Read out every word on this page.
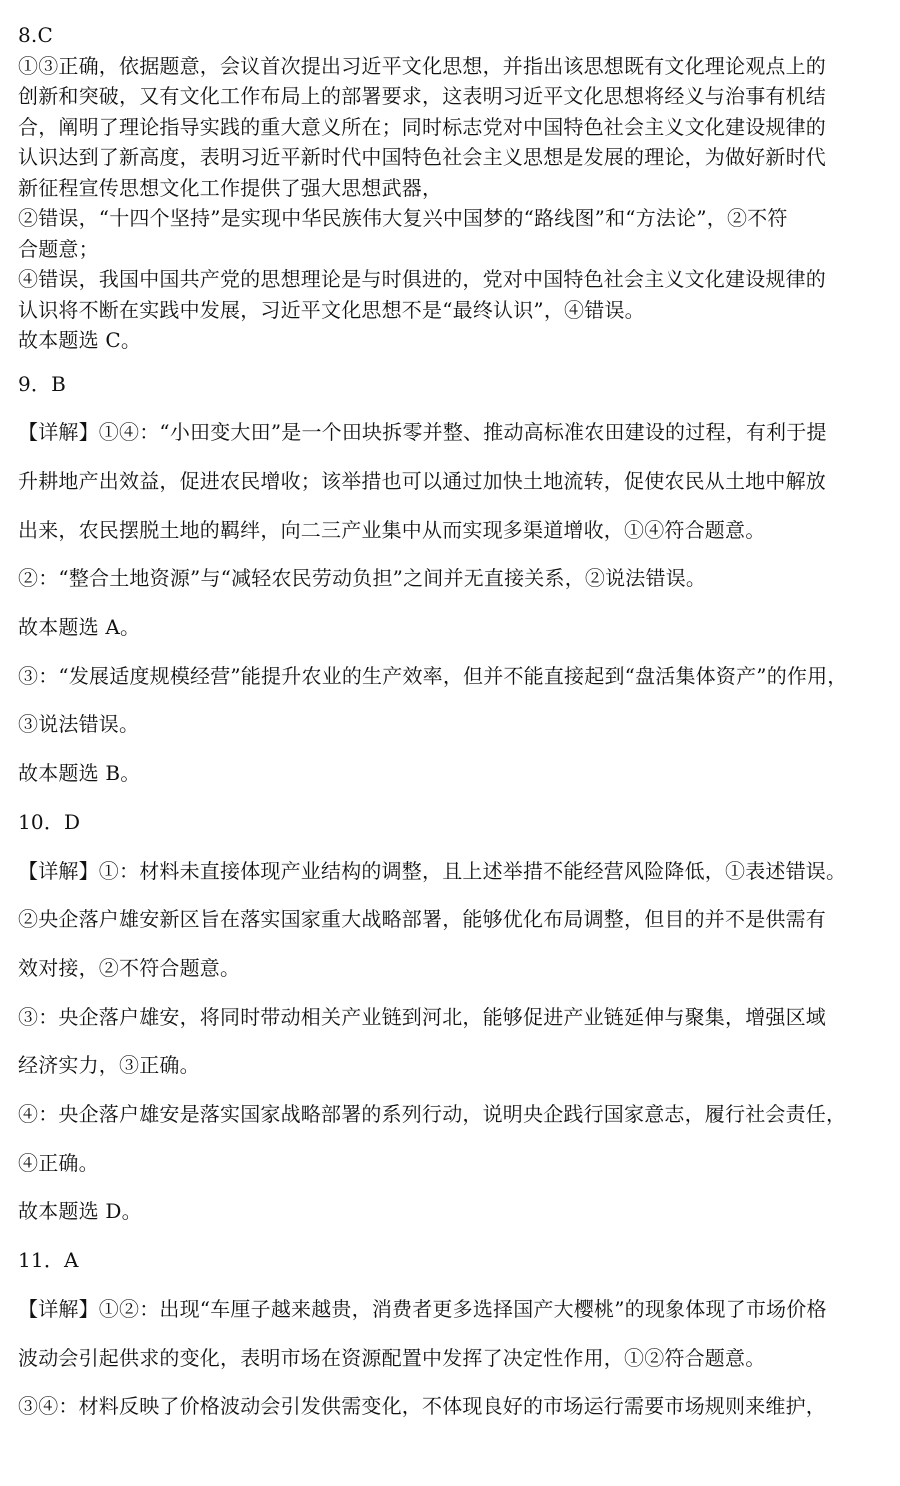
8.C

①③正确，依据题意，会议首次提出习近平文化思想，并指出该思想既有文化理论观点上的

创新和突破，又有文化工作布局上的部署要求，这表明习近平文化思想将经义与治事有机结

合，阐明了理论指导实践的重大意义所在；同时标志党对中国特色社会主义文化建设规律的

认识达到了新高度，表明习近平新时代中国特色社会主义思想是发展的理论，为做好新时代

新征程宣传思想文化工作提供了强大思想武器，

②错误，“十四个坚持”是实现中华民族伟大复兴中国梦的“路线图”和“方法论”，②不符

合题意；

④错误，我国中国共产党的思想理论是与时俱进的，党对中国特色社会主义文化建设规律的

认识将不断在实践中发展，习近平文化思想不是“最终认识”，④错误。

故本题选 C。

9．B

【详解】①④：“小田变大田”是一个田块拆零并整、推动高标准农田建设的过程，有利于提

升耕地产出效益，促进农民增收；该举措也可以通过加快土地流转，促使农民从土地中解放

出来，农民摆脱土地的羁绊，向二三产业集中从而实现多渠道增收，①④符合题意。

②：“整合土地资源”与“减轻农民劳动负担”之间并无直接关系，②说法错误。

故本题选 A。

③：“发展适度规模经营”能提升农业的生产效率，但并不能直接起到“盘活集体资产”的作用，

③说法错误。

故本题选 B。

10．D

【详解】①：材料未直接体现产业结构的调整，且上述举措不能经营风险降低，①表述错误。

②央企落户雄安新区旨在落实国家重大战略部署，能够优化布局调整，但目的并不是供需有

效对接，②不符合题意。

③：央企落户雄安，将同时带动相关产业链到河北，能够促进产业链延伸与聚集，增强区域

经济实力，③正确。

④：央企落户雄安是落实国家战略部署的系列行动，说明央企践行国家意志，履行社会责任，

④正确。

故本题选 D。

11．A

【详解】①②：出现“车厘子越来越贵，消费者更多选择国产大樱桃”的现象体现了市场价格

波动会引起供求的变化，表明市场在资源配置中发挥了决定性作用，①②符合题意。

③④：材料反映了价格波动会引发供需变化，不体现良好的市场运行需要市场规则来维护，
